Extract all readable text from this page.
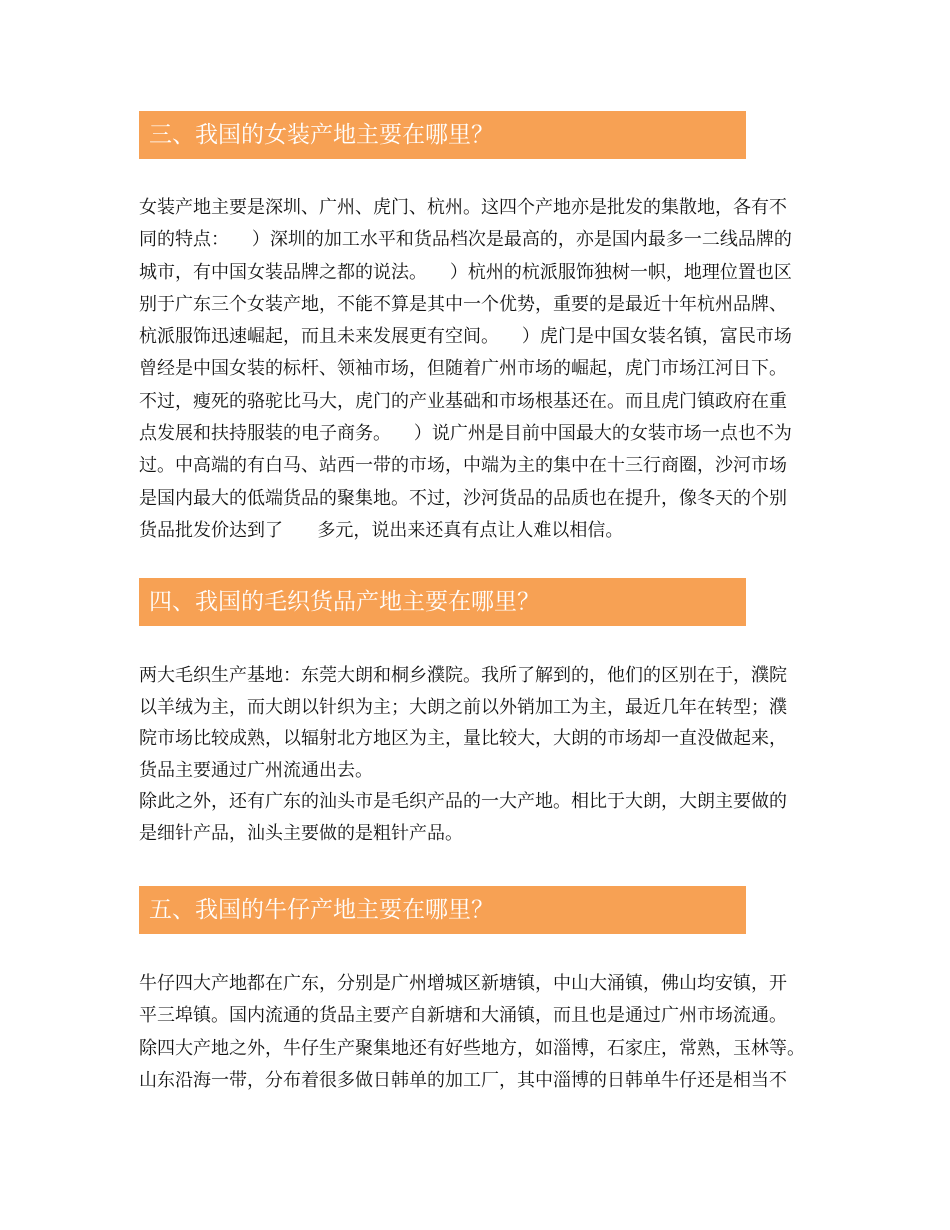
三、我国的女装产地主要在哪里？
女装产地主要是深圳、广州、虎门、杭州。这四个产地亦是批发的集散地，各有不
同的特点：    ）深圳的加工水平和货品档次是最高的，亦是国内最多一二线品牌的
城市，有中国女装品牌之都的说法。    ）杭州的杭派服饰独树一帜，地理位置也区
别于广东三个女装产地，不能不算是其中一个优势，重要的是最近十年杭州品牌、
杭派服饰迅速崛起，而且未来发展更有空间。    ）虎门是中国女装名镇，富民市场
曾经是中国女装的标杆、领袖市场，但随着广州市场的崛起，虎门市场江河日下。
不过，瘦死的骆驼比马大，虎门的产业基础和市场根基还在。而且虎门镇政府在重
点发展和扶持服装的电子商务。    ）说广州是目前中国最大的女装市场一点也不为
过。中高端的有白马、站西一带的市场，中端为主的集中在十三行商圈，沙河市场
是国内最大的低端货品的聚集地。不过，沙河货品的品质也在提升，像冬天的个别
货品批发价达到了      多元，说出来还真有点让人难以相信。
四、我国的毛织货品产地主要在哪里？
两大毛织生产基地：东莞大朗和桐乡濮院。我所了解到的，他们的区别在于，濮院
以羊绒为主，而大朗以针织为主；大朗之前以外销加工为主，最近几年在转型；濮
院市场比较成熟，以辐射北方地区为主，量比较大，大朗的市场却一直没做起来，
货品主要通过广州流通出去。
除此之外，还有广东的汕头市是毛织产品的一大产地。相比于大朗，大朗主要做的
是细针产品，汕头主要做的是粗针产品。
五、我国的牛仔产地主要在哪里？
牛仔四大产地都在广东，分别是广州增城区新塘镇，中山大涌镇，佛山均安镇，开
平三埠镇。国内流通的货品主要产自新塘和大涌镇，而且也是通过广州市场流通。
除四大产地之外，牛仔生产聚集地还有好些地方，如淄博，石家庄，常熟，玉林等。
山东沿海一带，分布着很多做日韩单的加工厂，其中淄博的日韩单牛仔还是相当不
